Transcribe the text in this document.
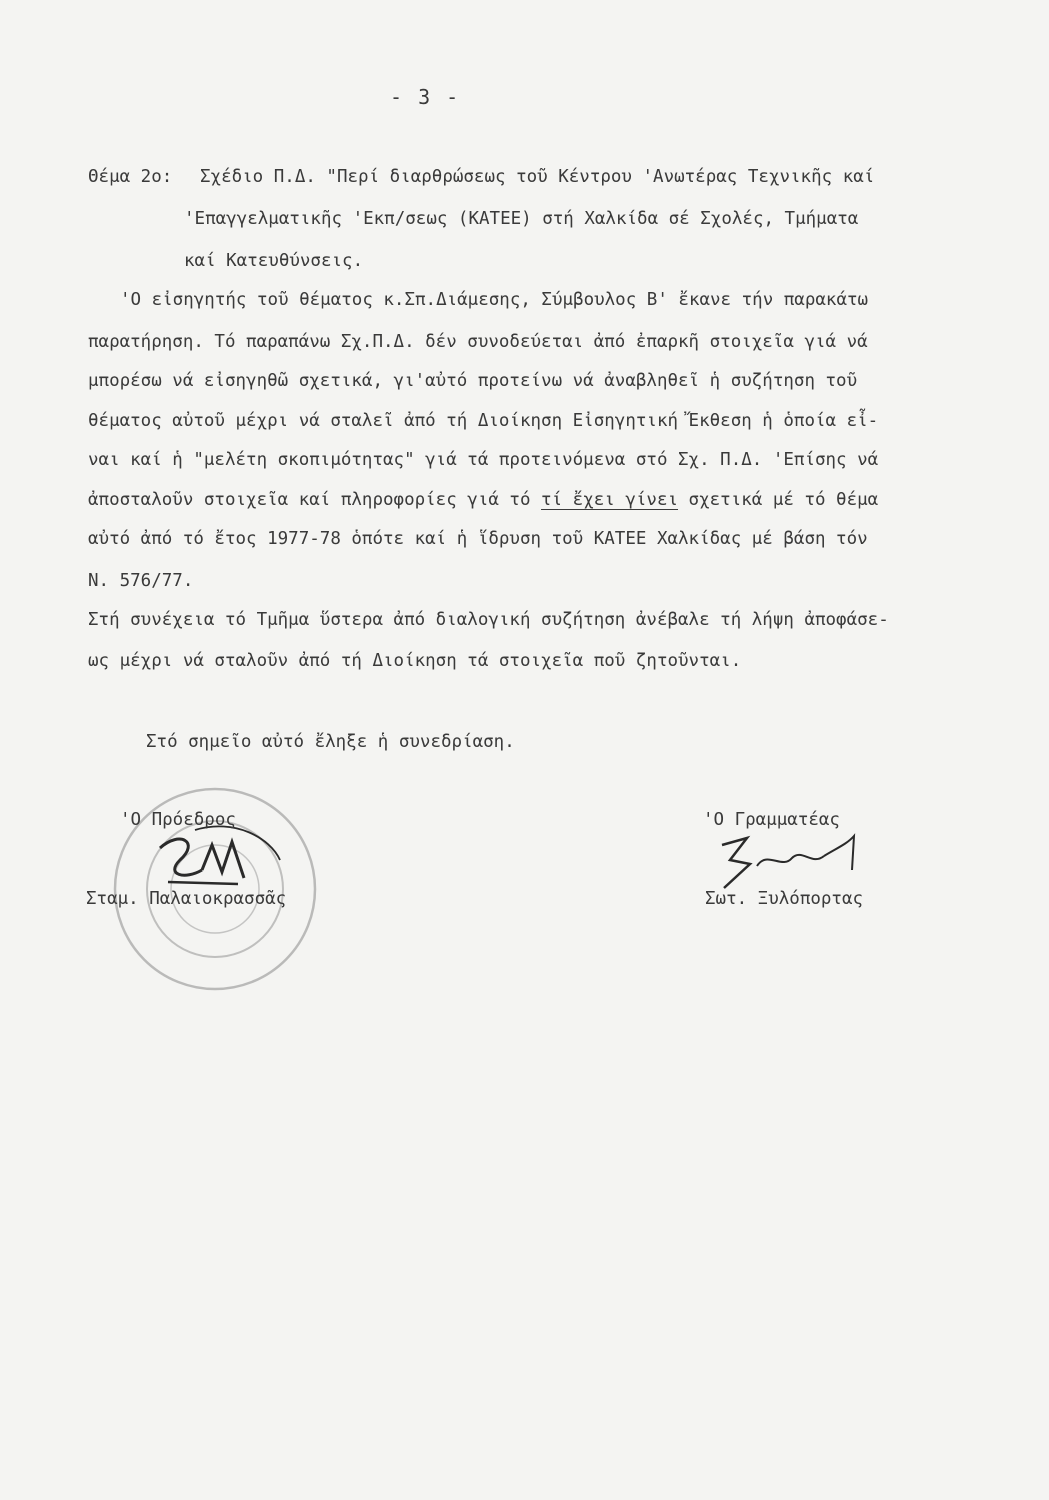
- 3 -
Θέμα 2ο: Σχέδιο Π.Δ. "Περί διαρθρώσεως τοῦ Κέντρου 'Ανωτέρας Τεχνικῆς καί
'Επαγγελματικῆς 'Εκπ/σεως (ΚΑΤΕΕ) στή Χαλκίδα σέ Σχολές, Τμήματα
καί Κατευθύνσεις.
'Ο εἰσηγητής τοῦ θέματος κ.Σπ.Διάμεσης, Σύμβουλος Β' ἔκανε τήν παρακάτω
παρατήρηση. Τό παραπάνω Σχ.Π.Δ. δέν συνοδεύεται ἀπό ἐπαρκῆ στοιχεῖα γιά νά
μπορέσω νά εἰσηγηθῶ σχετικά, γι'αὐτό προτείνω νά ἀναβληθεῖ ἡ συζήτηση τοῦ
θέματος αὐτοῦ μέχρι νά σταλεῖ ἀπό τή Διοίκηση Εἰσηγητική Ἔκθεση ἡ ὁποία εἶ-
ναι καί ἡ "μελέτη σκοπιμότητας" γιά τά προτεινόμενα στό Σχ. Π.Δ. 'Επίσης νά
ἀποσταλοῦν στοιχεῖα καί πληροφορίες γιά τό τί ἔχει γίνει σχετικά μέ τό θέμα
αὐτό ἀπό τό ἔτος 1977-78 ὁπότε καί ἡ ἵδρυση τοῦ ΚΑΤΕΕ Χαλκίδας μέ βάση τόν
Ν. 576/77.
Στή συνέχεια τό Τμῆμα ὕστερα ἀπό διαλογική συζήτηση ἀνέβαλε τή λήψη ἀποφάσε-
ως μέχρι νά σταλοῦν ἀπό τή Διοίκηση τά στοιχεῖα ποῦ ζητοῦνται.
Στό σημεῖο αὐτό ἔληξε ἡ συνεδρίαση.
'Ο Πρόεδρος
Σταμ. Παλαιοκρασσᾶς
'Ο Γραμματέας
Σωτ. Ξυλόπορτας
